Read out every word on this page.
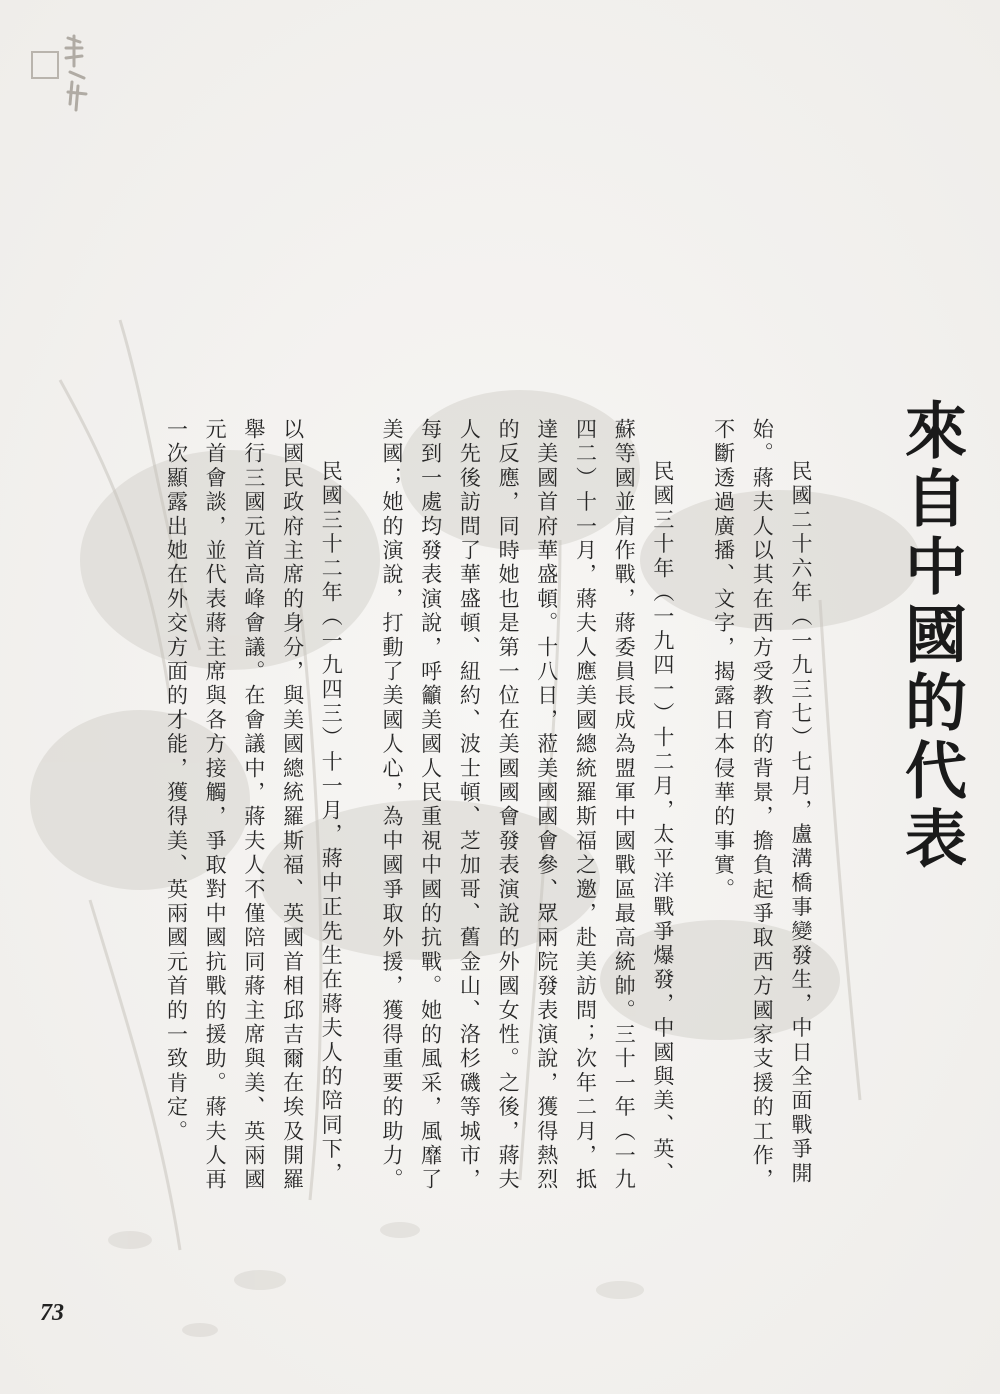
來自中國的代表

民國二十六年（一九三七）七月，盧溝橋事變發生，中日全面戰爭開始。蔣夫人以其在西方受教育的背景，擔負起爭取西方國家支援的工作，不斷透過廣播、文字，揭露日本侵華的事實。

民國三十年（一九四一）十二月，太平洋戰爭爆發，中國與美、英、蘇等國並肩作戰，蔣委員長成為盟軍中國戰區最高統帥。三十一年（一九四二）十一月，蔣夫人應美國總統羅斯福之邀，赴美訪問；次年二月，抵達美國首府華盛頓。十八日，蒞美國國會參、眾兩院發表演說，獲得熱烈的反應，同時她也是第一位在美國國會發表演說的外國女性。之後，蔣夫人先後訪問了華盛頓、紐約、波士頓、芝加哥、舊金山、洛杉磯等城市，每到一處均發表演說，呼籲美國人民重視中國的抗戰。她的風采，風靡了美國；她的演說，打動了美國人心，為中國爭取外援，獲得重要的助力。

民國三十二年（一九四三）十一月，蔣中正先生在蔣夫人的陪同下，以國民政府主席的身分，與美國總統羅斯福、英國首相邱吉爾在埃及開羅舉行三國元首高峰會議。在會議中，蔣夫人不僅陪同蔣主席與美、英兩國元首會談，並代表蔣主席與各方接觸，爭取對中國抗戰的援助。蔣夫人再一次顯露出她在外交方面的才能，獲得美、英兩國元首的一致肯定。

73
